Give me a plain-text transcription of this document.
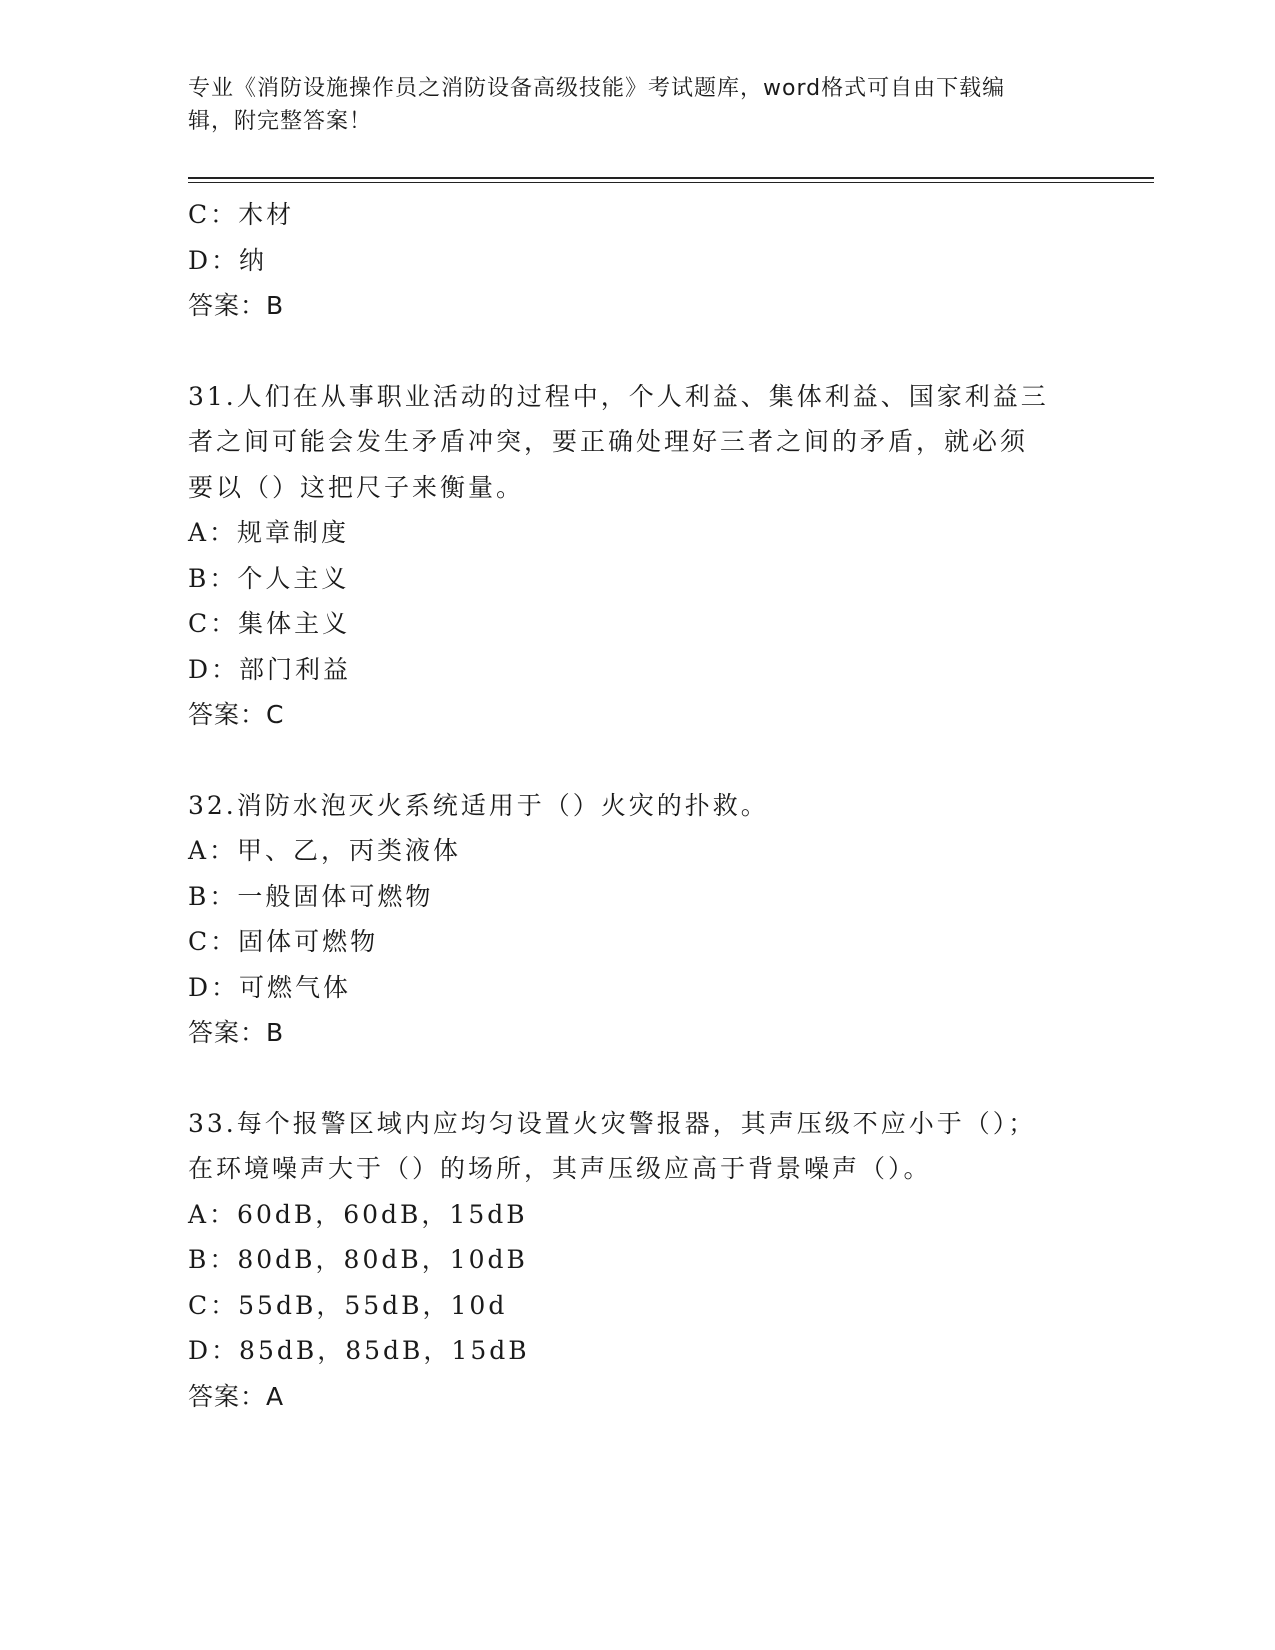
专业《消防设施操作员之消防设备高级技能》考试题库，word格式可自由下载编
辑，附完整答案！
C：木材
D：纳
答案：B
31.人们在从事职业活动的过程中，个人利益、集体利益、国家利益三
者之间可能会发生矛盾冲突，要正确处理好三者之间的矛盾，就必须
要以（）这把尺子来衡量。
A：规章制度
B：个人主义
C：集体主义
D：部门利益
答案：C
32.消防水泡灭火系统适用于（）火灾的扑救。
A：甲、乙，丙类液体
B：一般固体可燃物
C：固体可燃物
D：可燃气体
答案：B
33.每个报警区域内应均匀设置火灾警报器，其声压级不应小于（）；
在环境噪声大于（）的场所，其声压级应高于背景噪声（）。
A：60dB，60dB，15dB
B：80dB，80dB，10dB
C：55dB，55dB，10d
D：85dB，85dB，15dB
答案：A
